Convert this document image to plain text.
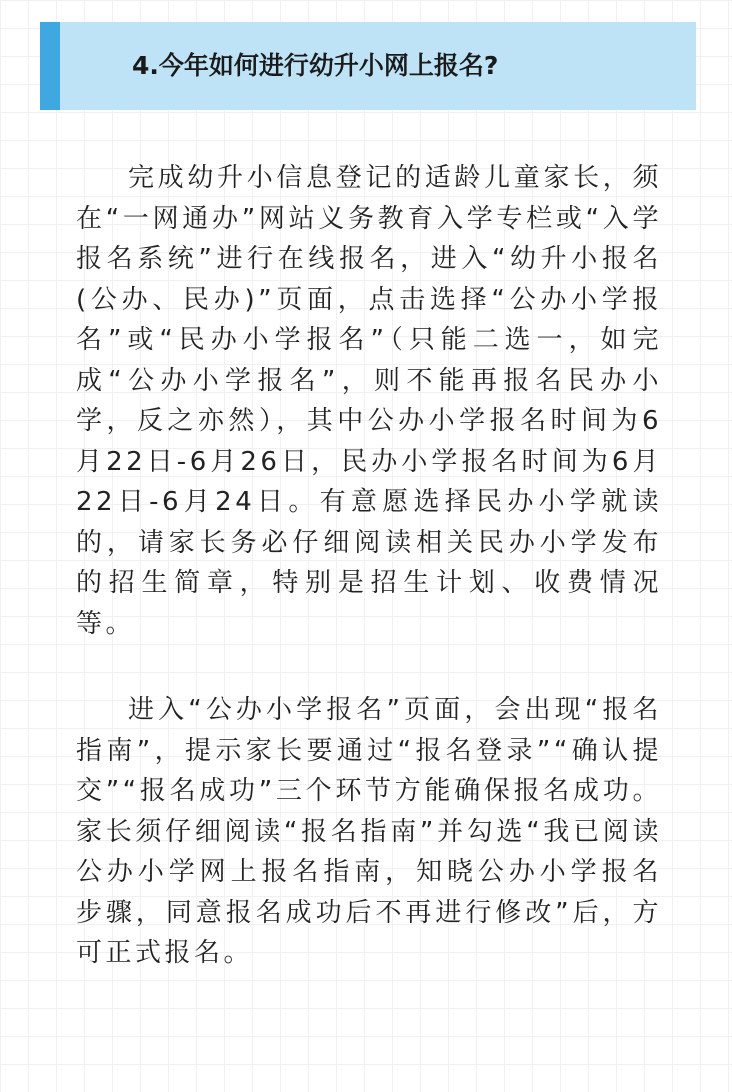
4.今年如何进行幼升小网上报名?

完成幼升小信息登记的适龄儿童家长，须在“一网通办”网站义务教育入学专栏或“入学报名系统”进行在线报名，进入“幼升小报名(公办、民办)”页面，点击选择“公办小学报名”或“民办小学报名”（只能二选一，如完成“公办小学报名”，则不能再报名民办小学，反之亦然），其中公办小学报名时间为6月22日-6月26日，民办小学报名时间为6月22日-6月24日。有意愿选择民办小学就读的，请家长务必仔细阅读相关民办小学发布的招生简章，特别是招生计划、收费情况等。

进入“公办小学报名”页面，会出现“报名指南”，提示家长要通过“报名登录”“确认提交”“报名成功”三个环节方能确保报名成功。家长须仔细阅读“报名指南”并勾选“我已阅读公办小学网上报名指南，知晓公办小学报名步骤，同意报名成功后不再进行修改”后，方可正式报名。
